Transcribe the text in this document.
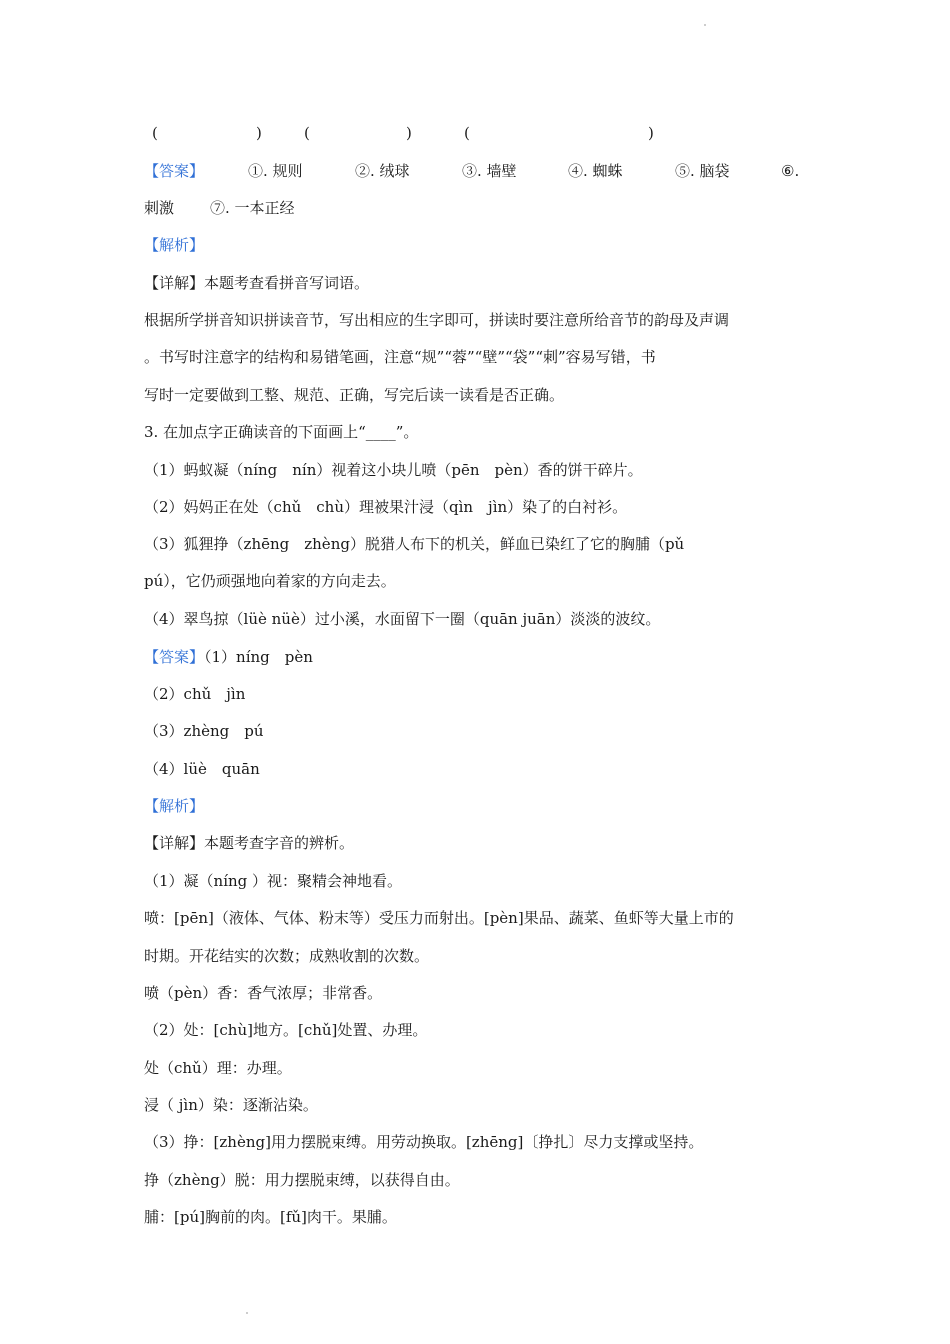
(	)	(	)	(	)
【答案】	①. 规则	②. 绒球	③. 墙壁	④. 蜘蛛	⑤. 脑袋	⑥.
刺激 ⑦. 一本正经
【解析】
【详解】本题考查看拼音写词语。
根据所学拼音知识拼读音节，写出相应的生字即可，拼读时要注意所给音节的韵母及声调
。书写时注意字的结构和易错笔画，注意“规”“蓉”“壁”“袋”“刺”容易写错，书
写时一定要做到工整、规范、正确，写完后读一读看是否正确。
3. 在加点字正确读音的下面画上“____”。
（1）蚂蚁凝（níng　nín）视着这小块儿喷（pēn　pèn）香的饼干碎片。
（2）妈妈正在处（chǔ　chù）理被果汁浸（qìn　jìn）染了的白衬衫。
（3）狐狸挣（zhēng　zhèng）脱猎人布下的机关，鲜血已染红了它的胸脯（pǔ
pú），它仍顽强地向着家的方向走去。
（4）翠鸟掠（lüè nüè）过小溪，水面留下一圈（quān juān）淡淡的波纹。
【答案】（1）níng　pèn
（2）chǔ　jìn
（3）zhèng　pú
（4）lüè　quān
【解析】
【详解】本题考查字音的辨析。
（1）凝（níng ）视：聚精会神地看。
喷：[pēn]（液体、气体、粉末等）受压力而射出。[pèn]果品、蔬菜、鱼虾等大量上市的
时期。开花结实的次数；成熟收割的次数。
喷（pèn）香：香气浓厚；非常香。
（2）处：[chù]地方。[chǔ]处置、办理。
处（chǔ）理：办理。
浸（ jìn）染：逐渐沾染。
（3）挣：[zhèng]用力摆脱束缚。用劳动换取。[zhēng]〔挣扎〕尽力支撑或坚持。
挣（zhèng）脱：用力摆脱束缚，以获得自由。
脯：[pú]胸前的肉。[fǔ]肉干。果脯。
